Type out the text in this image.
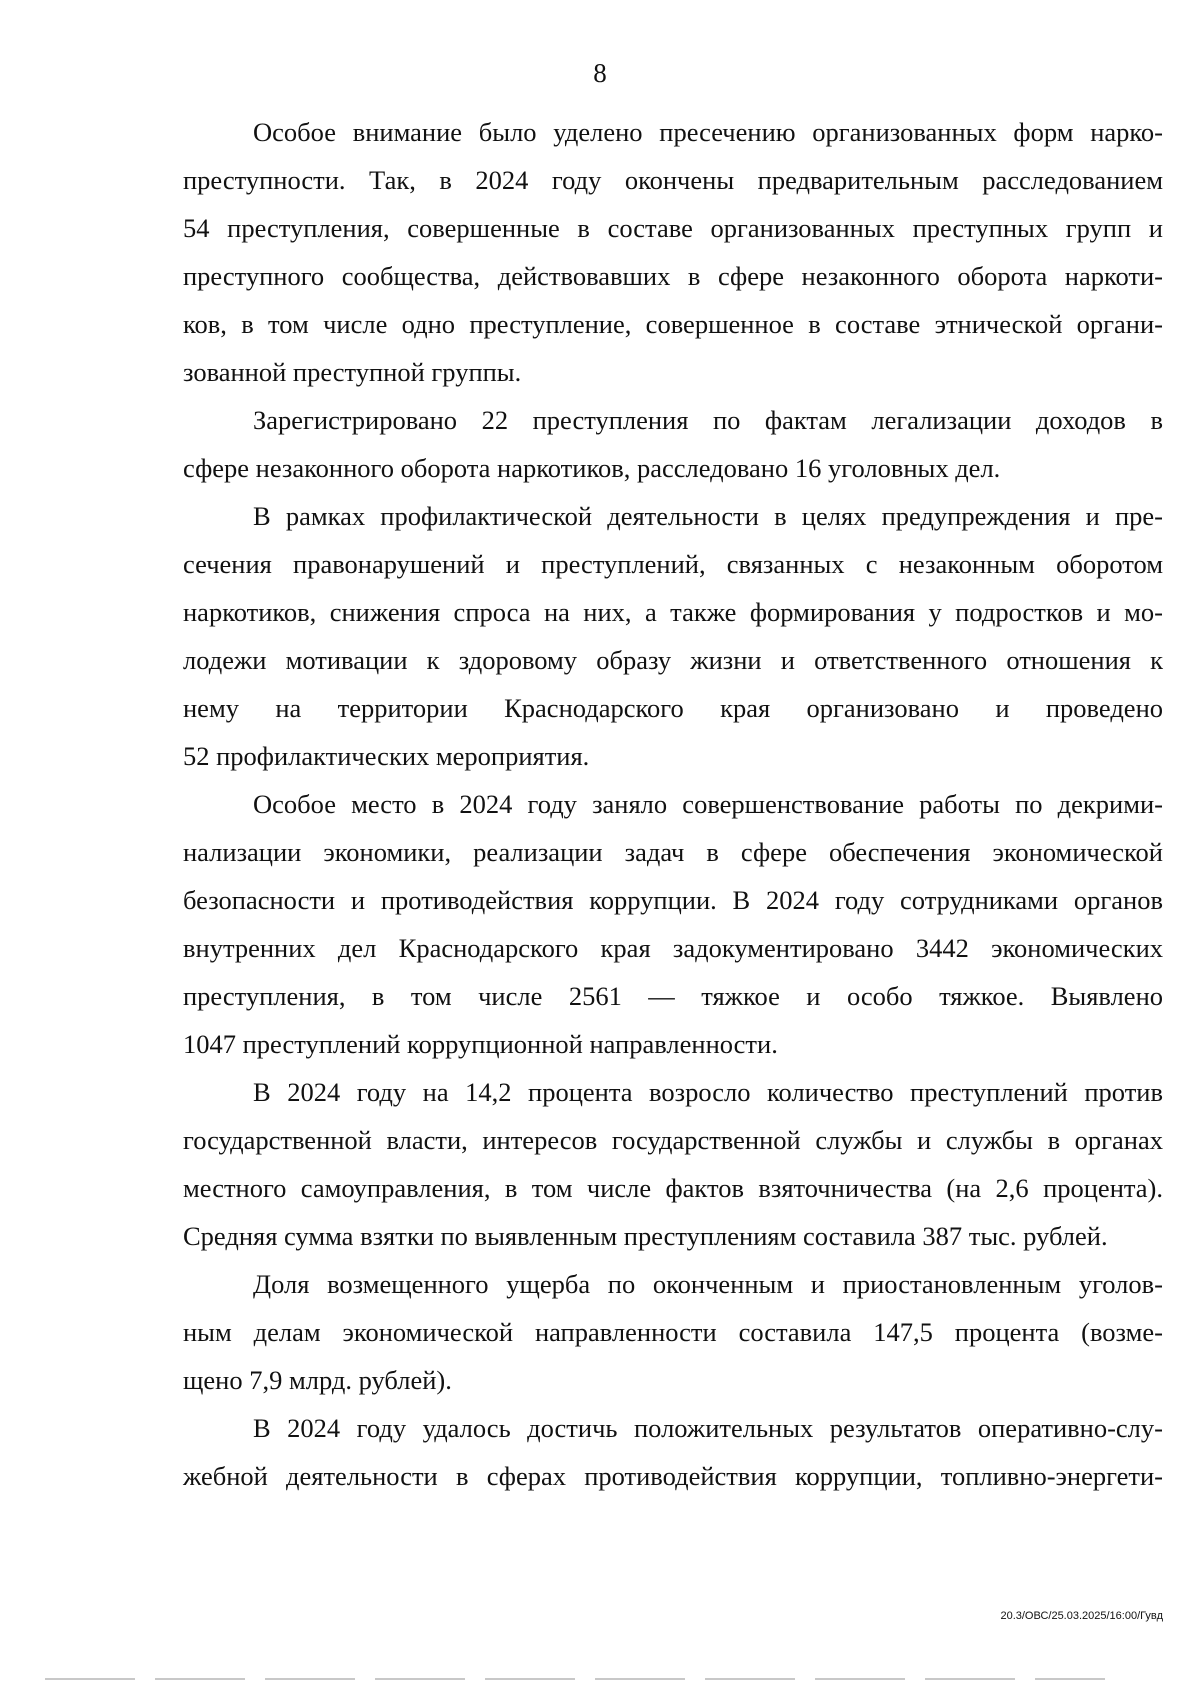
8
Особое внимание было уделено пресечению организованных форм нарко-
преступности. Так, в 2024 году окончены предварительным расследованием
54 преступления, совершенные в составе организованных преступных групп и
преступного сообщества, действовавших в сфере незаконного оборота наркоти-
ков, в том числе одно преступление, совершенное в составе этнической органи-
зованной преступной группы.
Зарегистрировано 22 преступления по фактам легализации доходов в
сфере незаконного оборота наркотиков, расследовано 16 уголовных дел.
В рамках профилактической деятельности в целях предупреждения и пре-
сечения правонарушений и преступлений, связанных с незаконным оборотом
наркотиков, снижения спроса на них, а также формирования у подростков и мо-
лодежи мотивации к здоровому образу жизни и ответственного отношения к
нему на территории Краснодарского края организовано и проведено
52 профилактических мероприятия.
Особое место в 2024 году заняло совершенствование работы по декрими-
нализации экономики, реализации задач в сфере обеспечения экономической
безопасности и противодействия коррупции. В 2024 году сотрудниками органов
внутренних дел Краснодарского края задокументировано 3442 экономических
преступления, в том числе 2561 — тяжкое и особо тяжкое. Выявлено
1047 преступлений коррупционной направленности.
В 2024 году на 14,2 процента возросло количество преступлений против
государственной власти, интересов государственной службы и службы в органах
местного самоуправления, в том числе фактов взяточничества (на 2,6 процента).
Средняя сумма взятки по выявленным преступлениям составила 387 тыс. рублей.
Доля возмещенного ущерба по оконченным и приостановленным уголов-
ным делам экономической направленности составила 147,5 процента (возме-
щено 7,9 млрд. рублей).
В 2024 году удалось достичь положительных результатов оперативно-слу-
жебной деятельности в сферах противодействия коррупции, топливно-энергети-
20.3/ОВС/25.03.2025/16:00/Гувд
